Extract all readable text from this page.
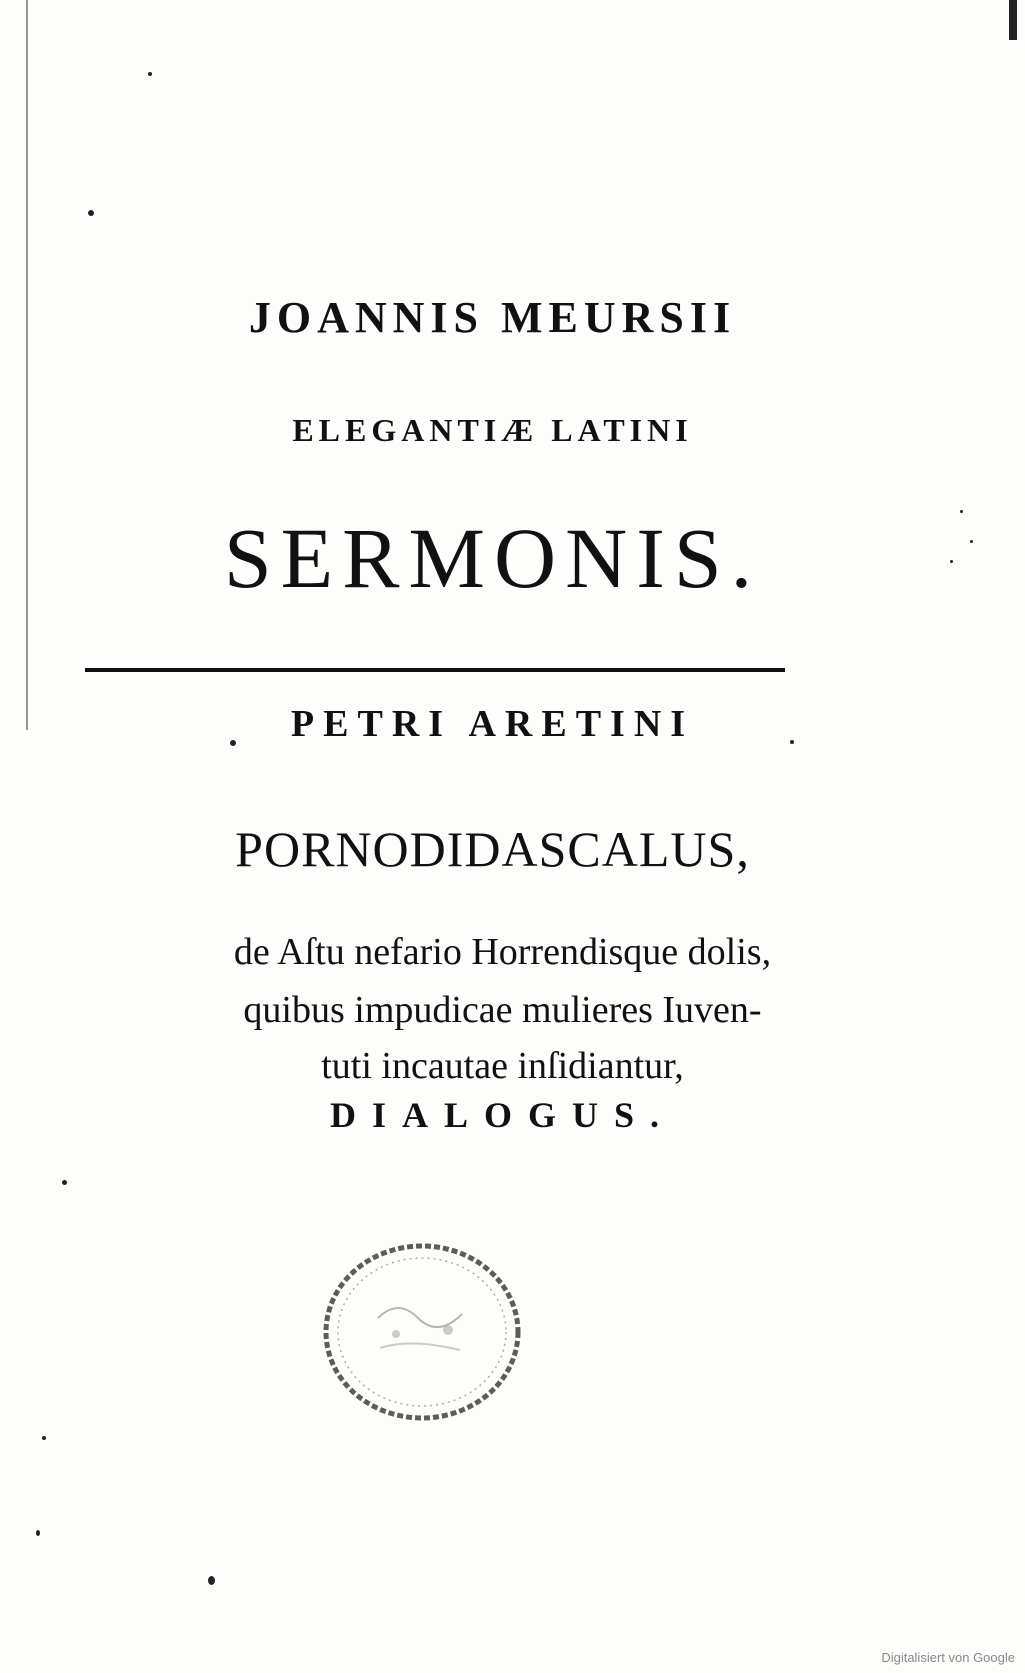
JOANNIS MEURSII
ELEGANTIÆ LATINI
SERMONIS.
PETRI ARETINI
PORNODIDASCALUS,
de Aſtu nefario Horrendisque dolis,
quibus impudicae mulieres Iuven-
tuti incautae inſidiantur,
DIALOGUS.
Digitalisiert von Google
